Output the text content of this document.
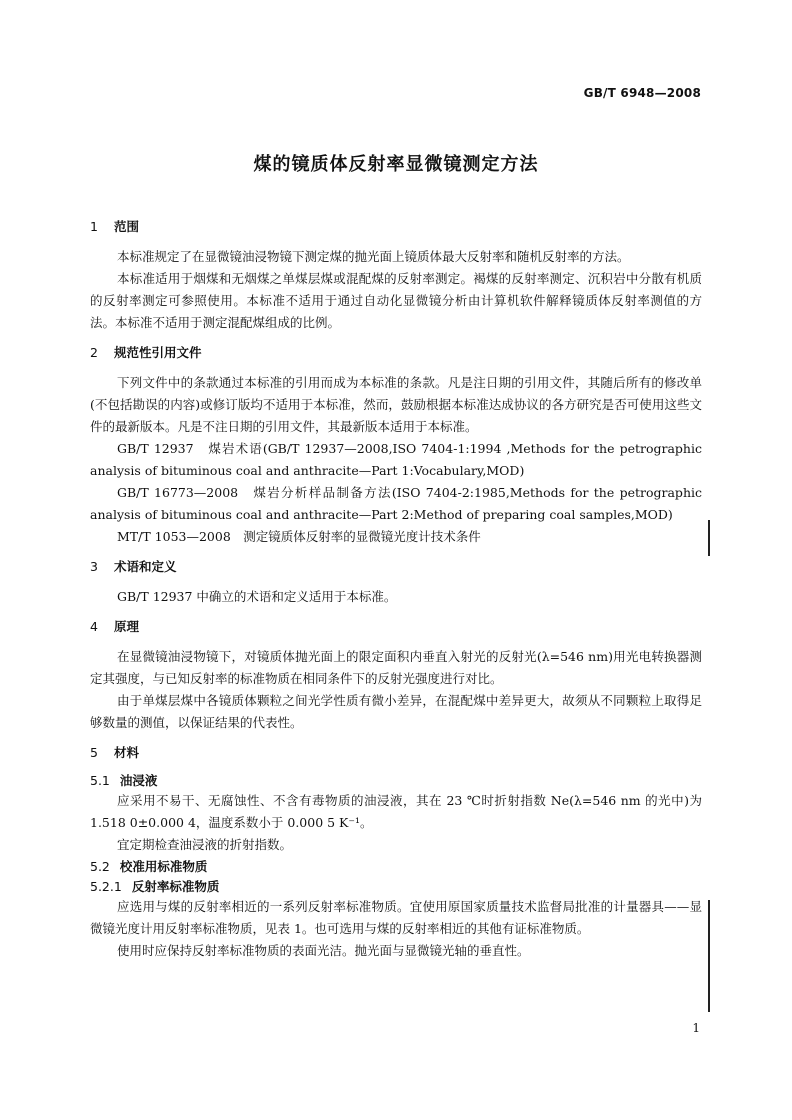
GB/T 6948—2008
煤的镜质体反射率显微镜测定方法
1 范围

本标准规定了在显微镜油浸物镜下测定煤的抛光面上镜质体最大反射率和随机反射率的方法。

本标准适用于烟煤和无烟煤之单煤层煤或混配煤的反射率测定。褐煤的反射率测定、沉积岩中分散有机质的反射率测定可参照使用。本标准不适用于通过自动化显微镜分析由计算机软件解释镜质体反射率测值的方法。本标准不适用于测定混配煤组成的比例。

2 规范性引用文件

下列文件中的条款通过本标准的引用而成为本标准的条款。凡是注日期的引用文件，其随后所有的修改单(不包括勘误的内容)或修订版均不适用于本标准，然而，鼓励根据本标准达成协议的各方研究是否可使用这些文件的最新版本。凡是不注日期的引用文件，其最新版本适用于本标准。

GB/T 12937　煤岩术语(GB/T 12937—2008,ISO 7404-1:1994 ,Methods for the petrographic analysis of bituminous coal and anthracite—Part 1:Vocabulary,MOD)

GB/T 16773—2008　煤岩分析样品制备方法(ISO 7404-2:1985,Methods for the petrographic analysis of bituminous coal and anthracite—Part 2:Method of preparing coal samples,MOD)

MT/T 1053—2008　测定镜质体反射率的显微镜光度计技术条件

3 术语和定义

GB/T 12937 中确立的术语和定义适用于本标准。

4 原理

在显微镜油浸物镜下，对镜质体抛光面上的限定面积内垂直入射光的反射光(λ=546 nm)用光电转换器测定其强度，与已知反射率的标准物质在相同条件下的反射光强度进行对比。

由于单煤层煤中各镜质体颗粒之间光学性质有微小差异，在混配煤中差异更大，故须从不同颗粒上取得足够数量的测值，以保证结果的代表性。

5 材料
5.1 油浸液

应采用不易干、无腐蚀性、不含有毒物质的油浸液，其在 23 ℃时折射指数 Ne(λ=546 nm 的光中)为 1.518 0±0.000 4，温度系数小于 0.000 5 K⁻¹。

宜定期检查油浸液的折射指数。

5.2 校准用标准物质
5.2.1 反射率标准物质

应选用与煤的反射率相近的一系列反射率标准物质。宜使用原国家质量技术监督局批准的计量器具——显微镜光度计用反射率标准物质，见表 1。也可选用与煤的反射率相近的其他有证标准物质。

使用时应保持反射率标准物质的表面光洁。抛光面与显微镜光轴的垂直性。

1
